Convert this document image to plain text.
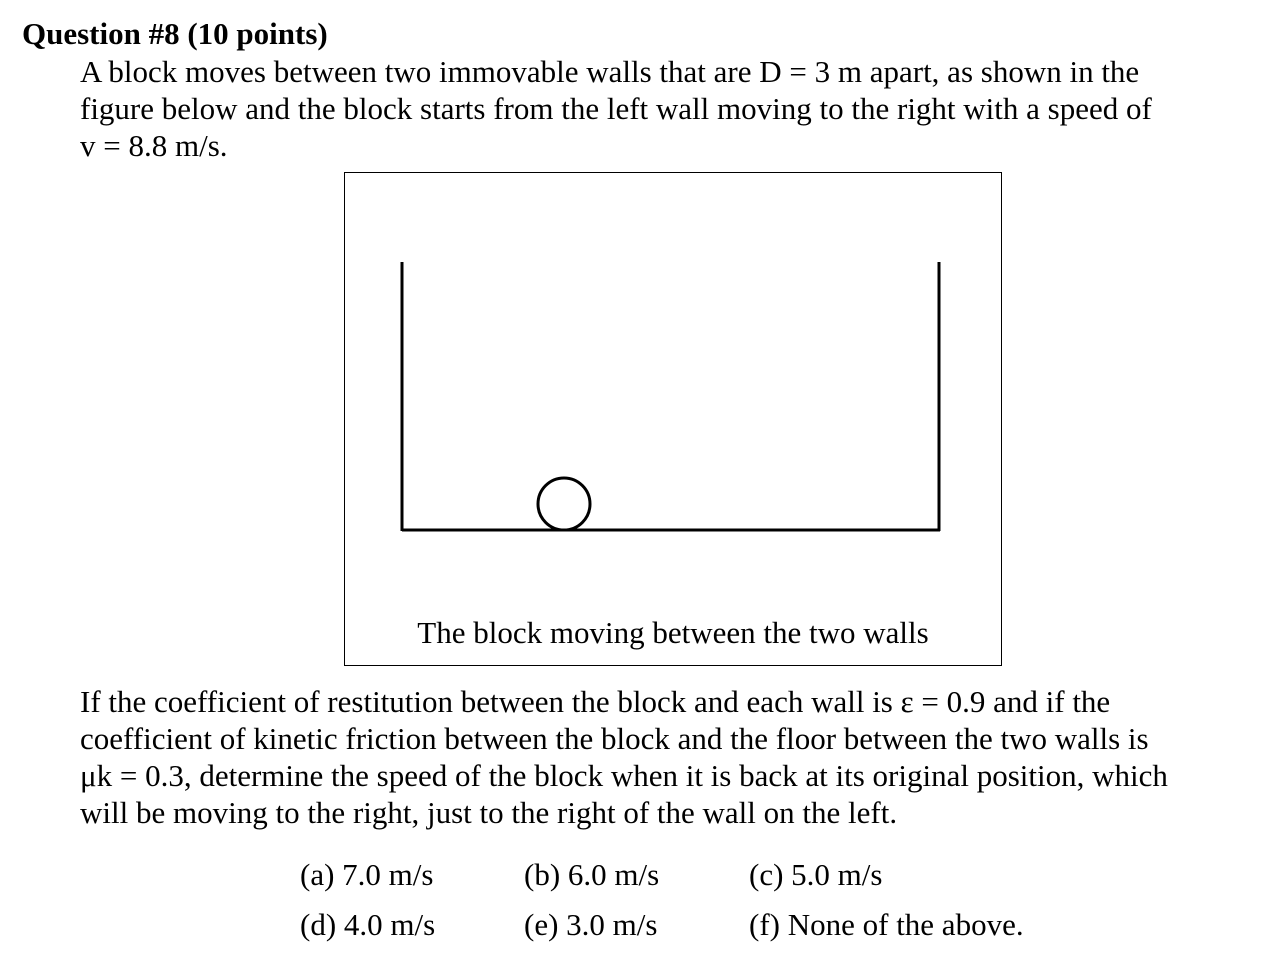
Question #8 (10 points)

A block moves between two immovable walls that are D = 3 m apart, as shown in the
figure below and the block starts from the left wall moving to the right with a speed of
v = 8.8 m/s.

The block moving between the two walls

If the coefficient of restitution between the block and each wall is ε = 0.9 and if the
coefficient of kinetic friction between the block and the floor between the two walls is
μk = 0.3, determine the speed of the block when it is back at its original position, which
will be moving to the right, just to the right of the wall on the left.

(a) 7.0 m/s	(b) 6.0 m/s	(c) 5.0 m/s
(d) 4.0 m/s	(e) 3.0 m/s	(f) None of the above.
